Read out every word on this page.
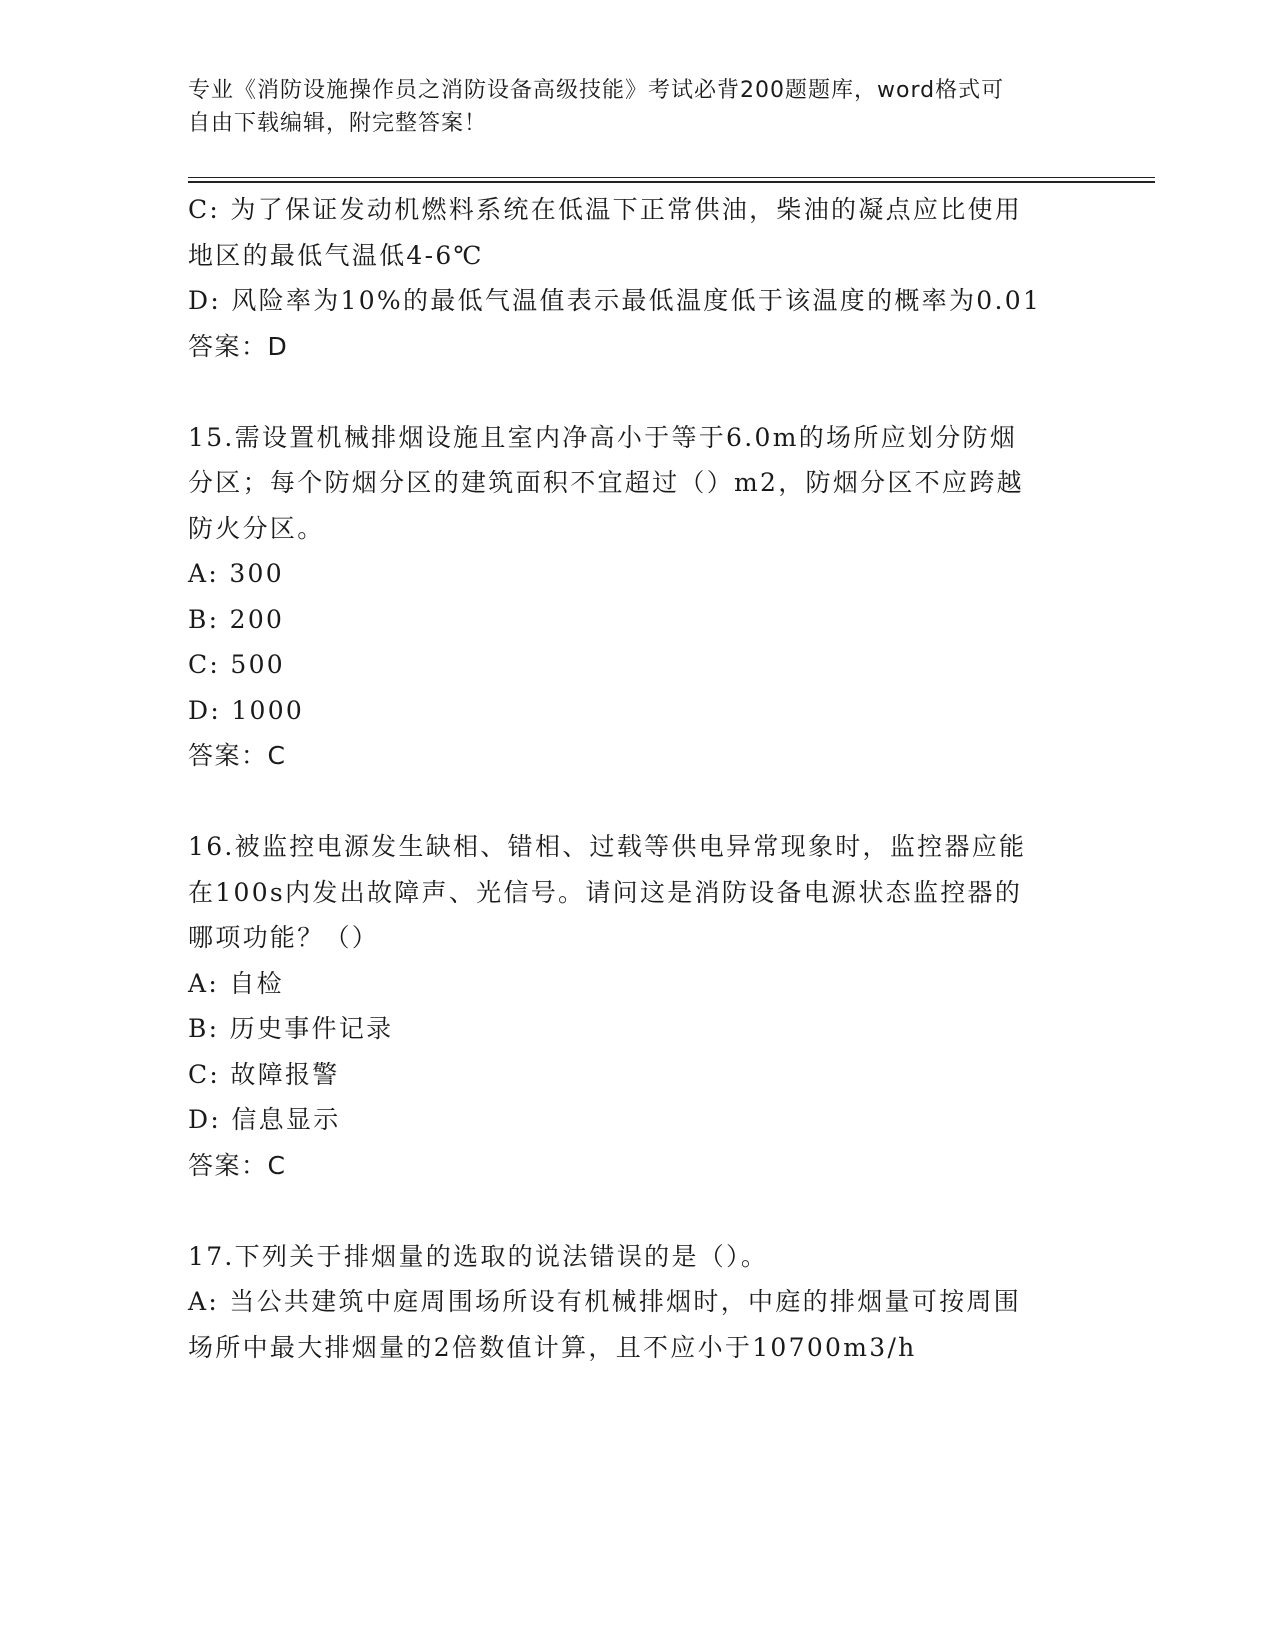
专业《消防设施操作员之消防设备高级技能》考试必背200题题库，word格式可
自由下载编辑，附完整答案！
C: 为了保证发动机燃料系统在低温下正常供油，柴油的凝点应比使用
地区的最低气温低4-6℃
D: 风险率为10%的最低气温值表示最低温度低于该温度的概率为0.01
答案：D
15.需设置机械排烟设施且室内净高小于等于6.0m的场所应划分防烟
分区；每个防烟分区的建筑面积不宜超过（）m2，防烟分区不应跨越
防火分区。
A: 300
B: 200
C: 500
D: 1000
答案：C
16.被监控电源发生缺相、错相、过载等供电异常现象时，监控器应能
在100s内发出故障声、光信号。请问这是消防设备电源状态监控器的
哪项功能？（）
A: 自检
B: 历史事件记录
C: 故障报警
D: 信息显示
答案：C
17.下列关于排烟量的选取的说法错误的是（）。
A: 当公共建筑中庭周围场所设有机械排烟时，中庭的排烟量可按周围
场所中最大排烟量的2倍数值计算，且不应小于10700m3/h
